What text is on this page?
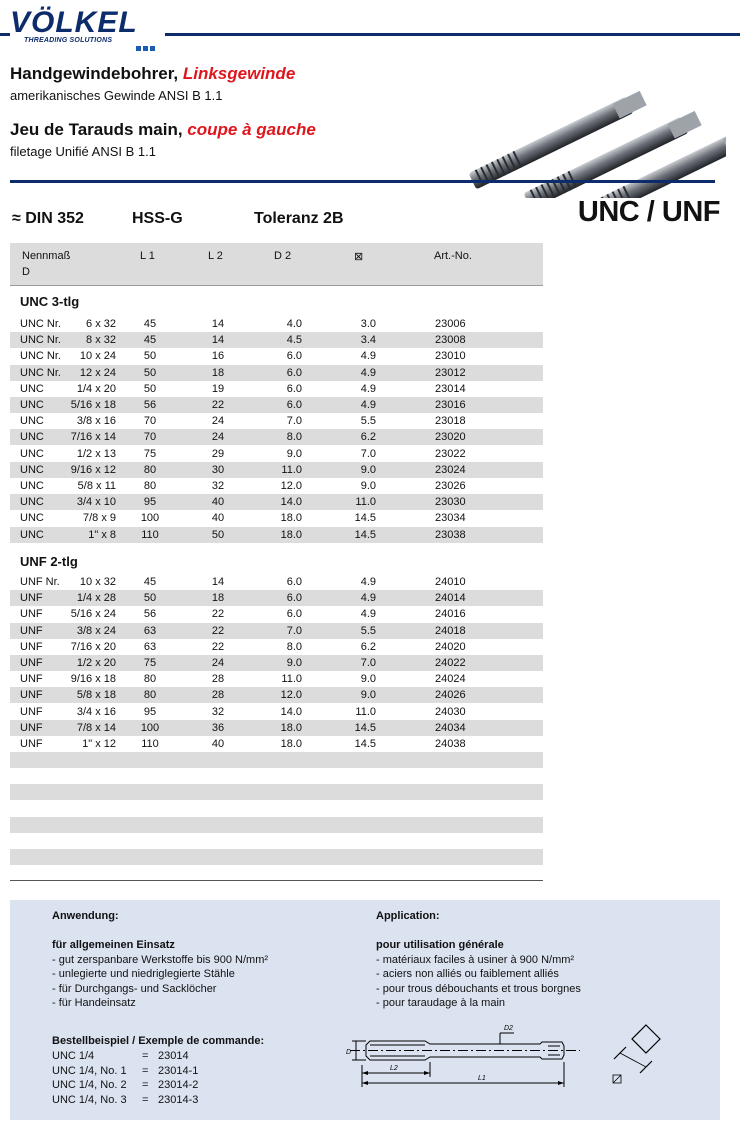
VÖLKEL
THREADING SOLUTIONS
Handgewindebohrer, Linksgewinde
amerikanisches Gewinde ANSI B 1.1
Jeu de Tarauds main, coupe à gauche
filetage Unifié ANSI B 1.1
≈ DIN 352	HSS-G	Toleranz 2B	UNC / UNF
Nennmaß
D
L 1	L 2	D 2	⊠	Art.-No.
UNC 3-tlg
UNC Nr.	6 x 32	45	14	4.0	3.0	23006
UNC Nr.	8 x 32	45	14	4.5	3.4	23008
UNC Nr.	10 x 24	50	16	6.0	4.9	23010
UNC Nr.	12 x 24	50	18	6.0	4.9	23012
UNC	1/4 x 20	50	19	6.0	4.9	23014
UNC	5/16 x 18	56	22	6.0	4.9	23016
UNC	3/8 x 16	70	24	7.0	5.5	23018
UNC	7/16 x 14	70	24	8.0	6.2	23020
UNC	1/2 x 13	75	29	9.0	7.0	23022
UNC	9/16 x 12	80	30	11.0	9.0	23024
UNC	5/8 x 11	80	32	12.0	9.0	23026
UNC	3/4 x 10	95	40	14.0	11.0	23030
UNC	7/8 x 9	100	40	18.0	14.5	23034
UNC	1" x 8	110	50	18.0	14.5	23038
UNF 2-tlg
UNF Nr.	10 x 32	45	14	6.0	4.9	24010
UNF	1/4 x 28	50	18	6.0	4.9	24014
UNF	5/16 x 24	56	22	6.0	4.9	24016
UNF	3/8 x 24	63	22	7.0	5.5	24018
UNF	7/16 x 20	63	22	8.0	6.2	24020
UNF	1/2 x 20	75	24	9.0	7.0	24022
UNF	9/16 x 18	80	28	11.0	9.0	24024
UNF	5/8 x 18	80	28	12.0	9.0	24026
UNF	3/4 x 16	95	32	14.0	11.0	24030
UNF	7/8 x 14	100	36	18.0	14.5	24034
UNF	1" x 12	110	40	18.0	14.5	24038
Anwendung:

für allgemeinen Einsatz
- gut zerspanbare Werkstoffe bis 900 N/mm²
- unlegierte und niedriglegierte Stähle
- für Durchgangs- und Sacklöcher
- für Handeinsatz
Application:

pour utilisation générale
- matériaux faciles à usiner à 900 N/mm²
- aciers non alliés ou faiblement alliés
- pour trous débouchants et trous borgnes
- pour taraudage à la main
Bestellbeispiel / Exemple de commande:
UNC 1/4	= 23014
UNC 1/4, No. 1 = 23014-1
UNC 1/4, No. 2 = 23014-2
UNC 1/4, No. 3 = 23014-3
D
D2
L2
L1
